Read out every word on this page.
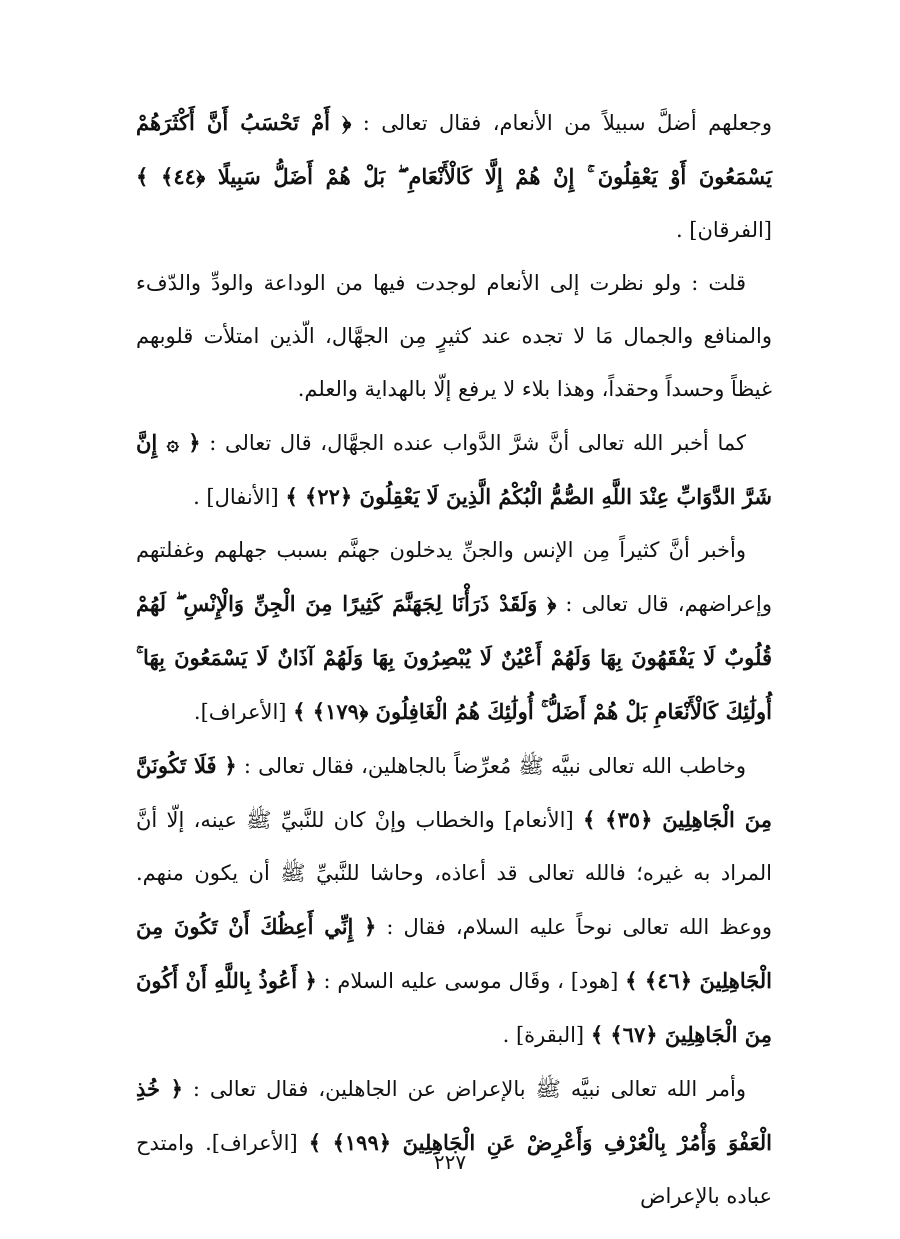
وجعلهم أضلَّ سبيلاً من الأنعام، فقال تعالى : ﴿ أَمْ تَحْسَبُ أَنَّ أَكْثَرَهُمْ يَسْمَعُونَ أَوْ يَعْقِلُونَ ۚ إِنْ هُمْ إِلَّا كَالْأَنْعَامِ ۖ بَلْ هُمْ أَضَلُّ سَبِيلًا ﴿٤٤﴾ ﴾ [الفرقان] .

قلت : ولو نظرت إلى الأنعام لوجدت فيها من الوداعة والودِّ والدّفء والمنافع والجمال مَا لا تجده عند كثيرٍ مِن الجهَّال، الّذين امتلأت قلوبهم غيظاً وحسداً وحقداً، وهذا بلاء لا يرفع إلّا بالهداية والعلم.

كما أخبر الله تعالى أنَّ شرَّ الدَّواب عنده الجهَّال، قال تعالى : ﴿ ۞ إِنَّ شَرَّ الدَّوَابِّ عِنْدَ اللَّهِ الصُّمُّ الْبُكْمُ الَّذِينَ لَا يَعْقِلُونَ ﴿٢٢﴾ ﴾ [الأنفال] .

وأخبر أنَّ كثيراً مِن الإنس والجنِّ يدخلون جهنَّم بسبب جهلهم وغفلتهم وإعراضهم، قال تعالى : ﴿ وَلَقَدْ ذَرَأْنَا لِجَهَنَّمَ كَثِيرًا مِنَ الْجِنِّ وَالْإِنْسِ ۖ لَهُمْ قُلُوبٌ لَا يَفْقَهُونَ بِهَا وَلَهُمْ أَعْيُنٌ لَا يُبْصِرُونَ بِهَا وَلَهُمْ آذَانٌ لَا يَسْمَعُونَ بِهَا ۚ أُولَٰئِكَ كَالْأَنْعَامِ بَلْ هُمْ أَضَلُّ ۚ أُولَٰئِكَ هُمُ الْغَافِلُونَ ﴿١٧٩﴾ ﴾ [الأعراف].

وخاطب الله تعالى نبيَّه ﷺ مُعرِّضاً بالجاهلين، فقال تعالى : ﴿ فَلَا تَكُونَنَّ مِنَ الْجَاهِلِينَ ﴿٣٥﴾ ﴾ [الأنعام] والخطاب وإنْ كان للنَّبيِّ ﷺ عينه، إلّا أنَّ المراد به غيره؛ فالله تعالى قد أعاذه، وحاشا للنَّبيِّ ﷺ أن يكون منهم. ووعظ الله تعالى نوحاً عليه السلام، فقال : ﴿ إِنِّي أَعِظُكَ أَنْ تَكُونَ مِنَ الْجَاهِلِينَ ﴿٤٦﴾ ﴾ [هود] ، وقَال موسى عليه السلام : ﴿ أَعُوذُ بِاللَّهِ أَنْ أَكُونَ مِنَ الْجَاهِلِينَ ﴿٦٧﴾ ﴾ [البقرة] .

وأمر الله تعالى نبيَّه ﷺ بالإعراض عن الجاهلين، فقال تعالى : ﴿ خُذِ الْعَفْوَ وَأْمُرْ بِالْعُرْفِ وَأَعْرِضْ عَنِ الْجَاهِلِينَ ﴿١٩٩﴾ ﴾ [الأعراف]. وامتدح عباده بالإعراض

٢٢٧
